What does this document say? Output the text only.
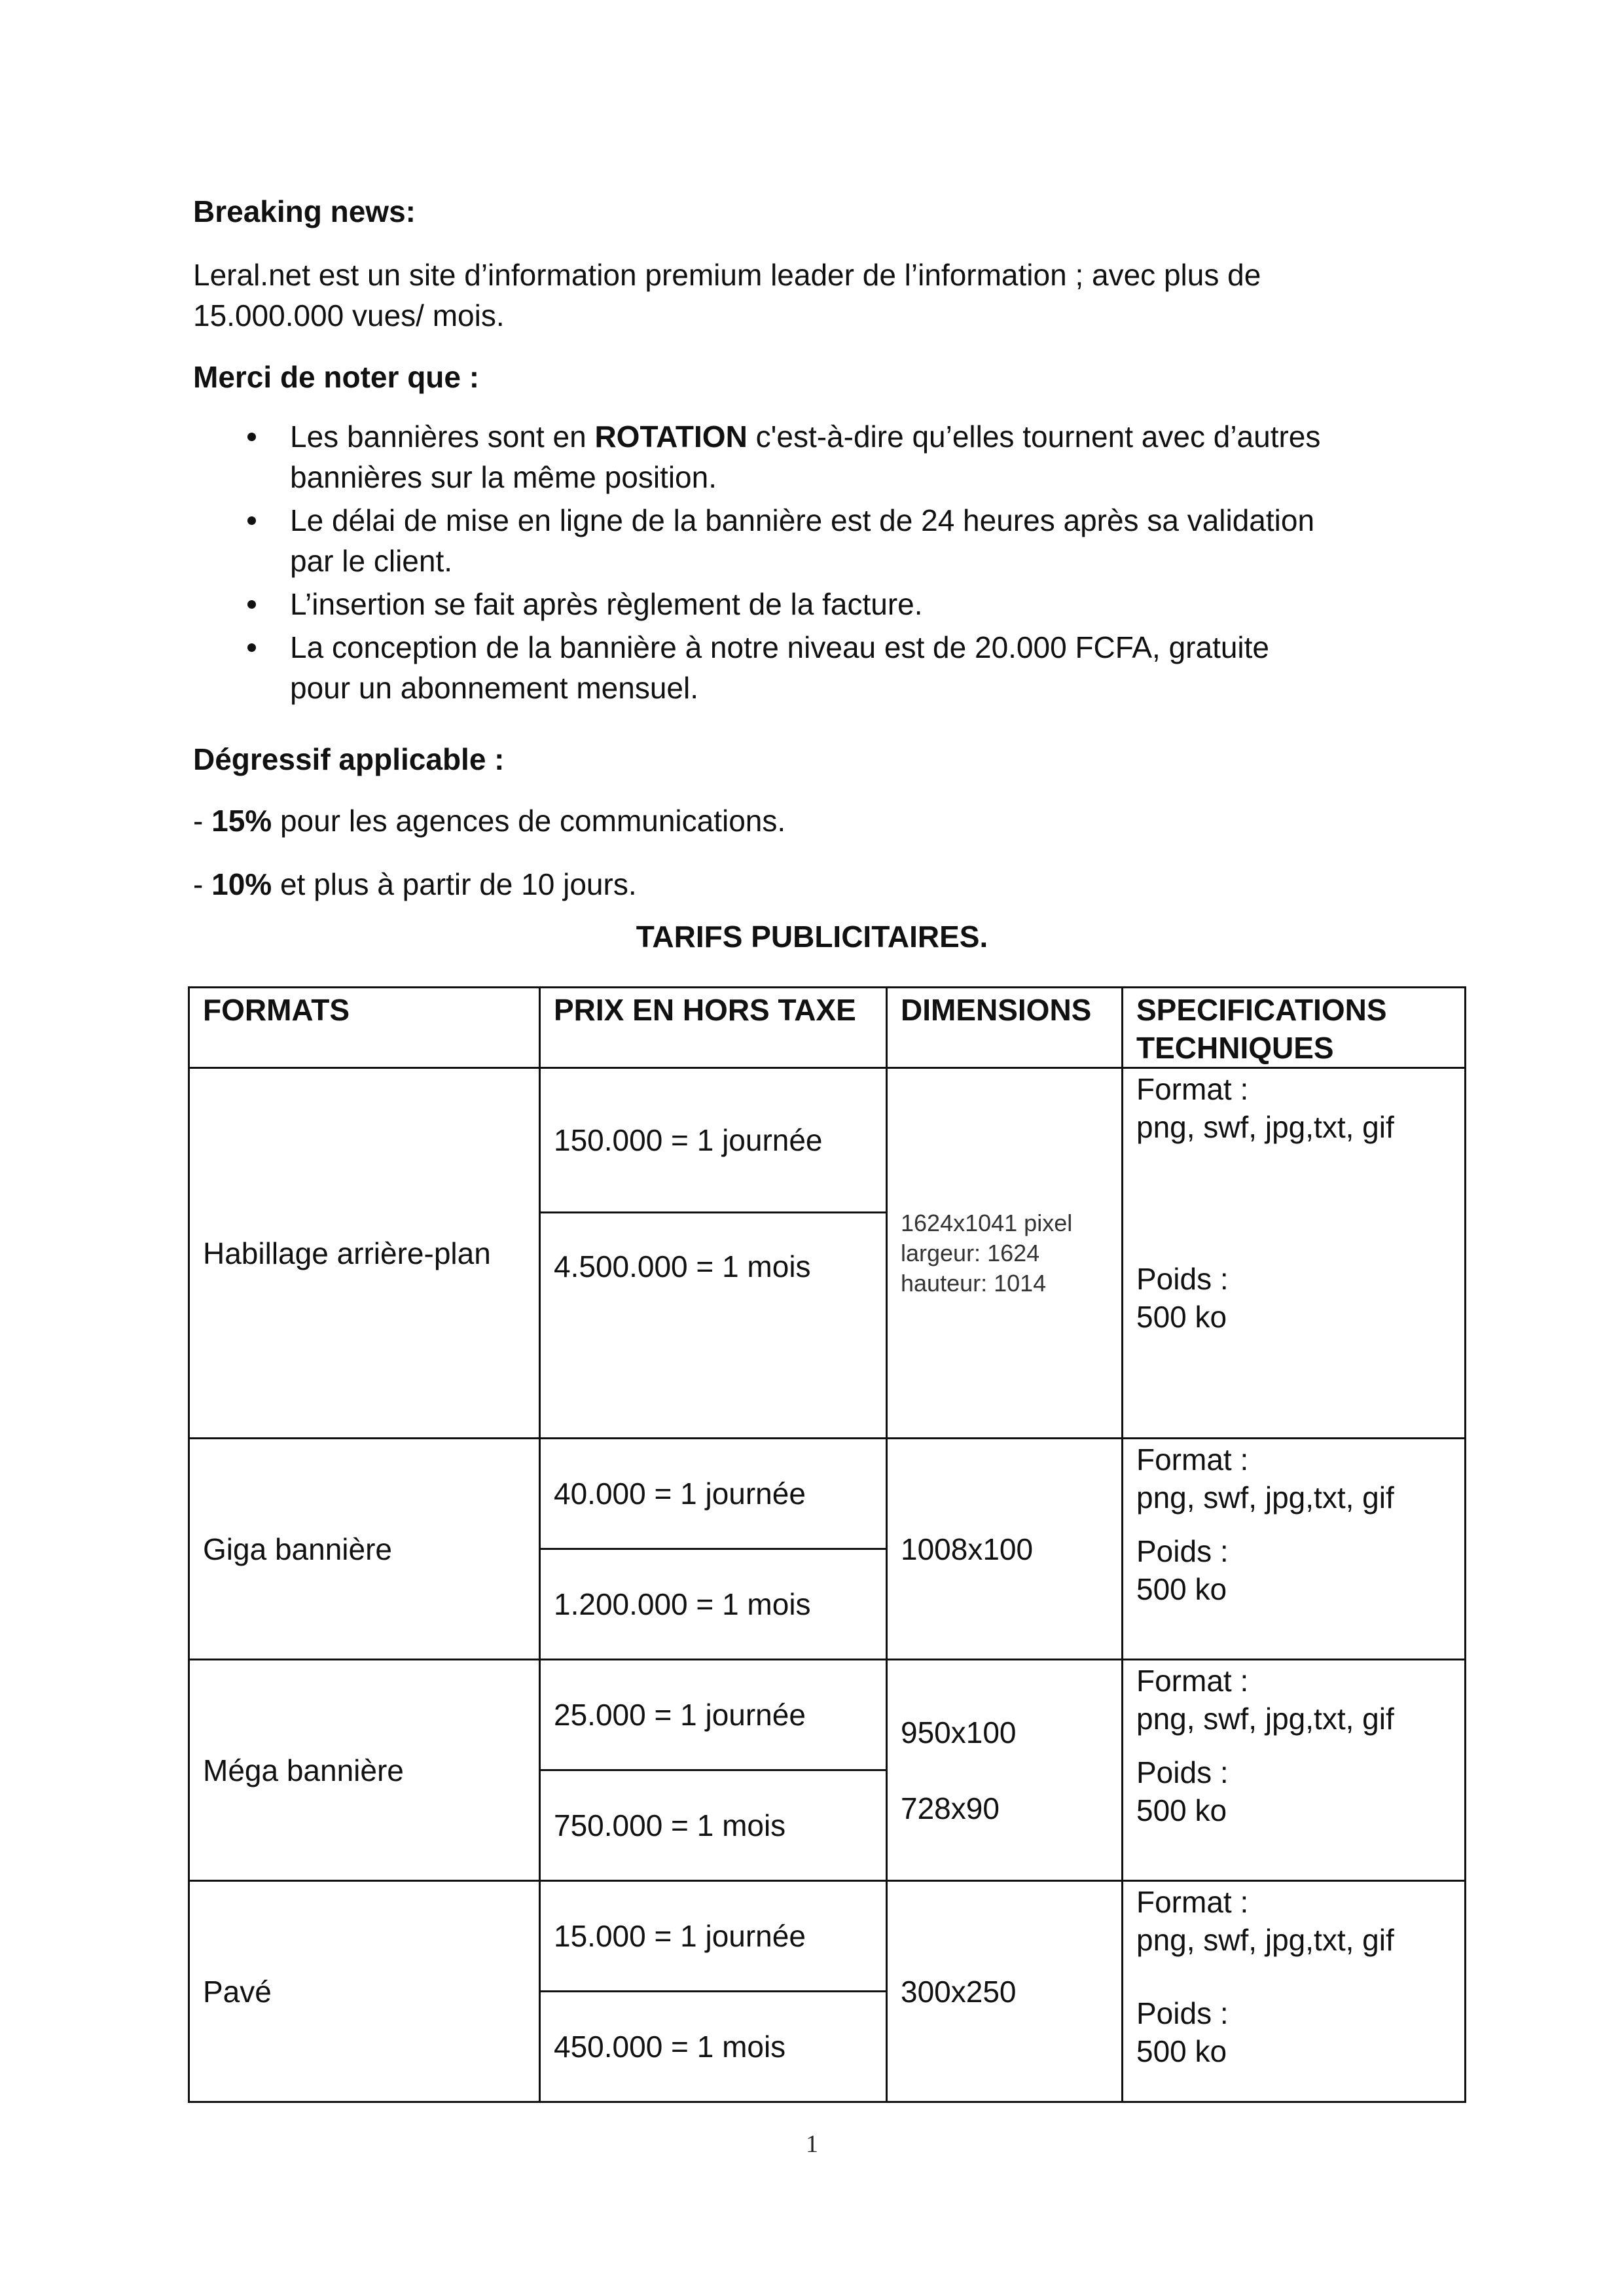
Breaking news:

Leral.net est un site d’information premium leader de l’information ; avec plus de

15.000.000 vues/ mois.

Merci de noter que :
Les bannières sont en ROTATION c'est-à-dire qu’elles tournent avec d’autres
bannières sur la même position.
Le délai de mise en ligne de la bannière est de 24 heures après sa validation
par le client.
L’insertion se fait après règlement de la facture.
La conception de la bannière à notre niveau est de 20.000 FCFA, gratuite
pour un abonnement mensuel.
Dégressif applicable :
- 15% pour les agences de communications.
- 10% et plus à partir de 10 jours.
TARIFS PUBLICITAIRES.
FORMATS	PRIX EN HORS TAXE	DIMENSIONS	SPECIFICATIONS TECHNIQUES
Habillage arrière-plan	150.000 = 1 journée	1624x1041 pixel
largeur: 1624
hauteur: 1014	Format :
png, swf, jpg,txt, gif
Poids :
500 ko

	4.500.000 = 1 mois		
Giga bannière	40.000 = 1 journée	1008x100	Format :
png, swf, jpg,txt, gif
Poids :
500 ko

	1.200.000 = 1 mois		
Méga bannière	25.000 = 1 journée	950x100
728x90	Format :
png, swf, jpg,txt, gif
Poids :
500 ko

	750.000 = 1 mois		
Pavé	15.000 = 1 journée	300x250	Format :
png, swf, jpg,txt, gif
Poids :
500 ko

	450.000 = 1 mois		
1
